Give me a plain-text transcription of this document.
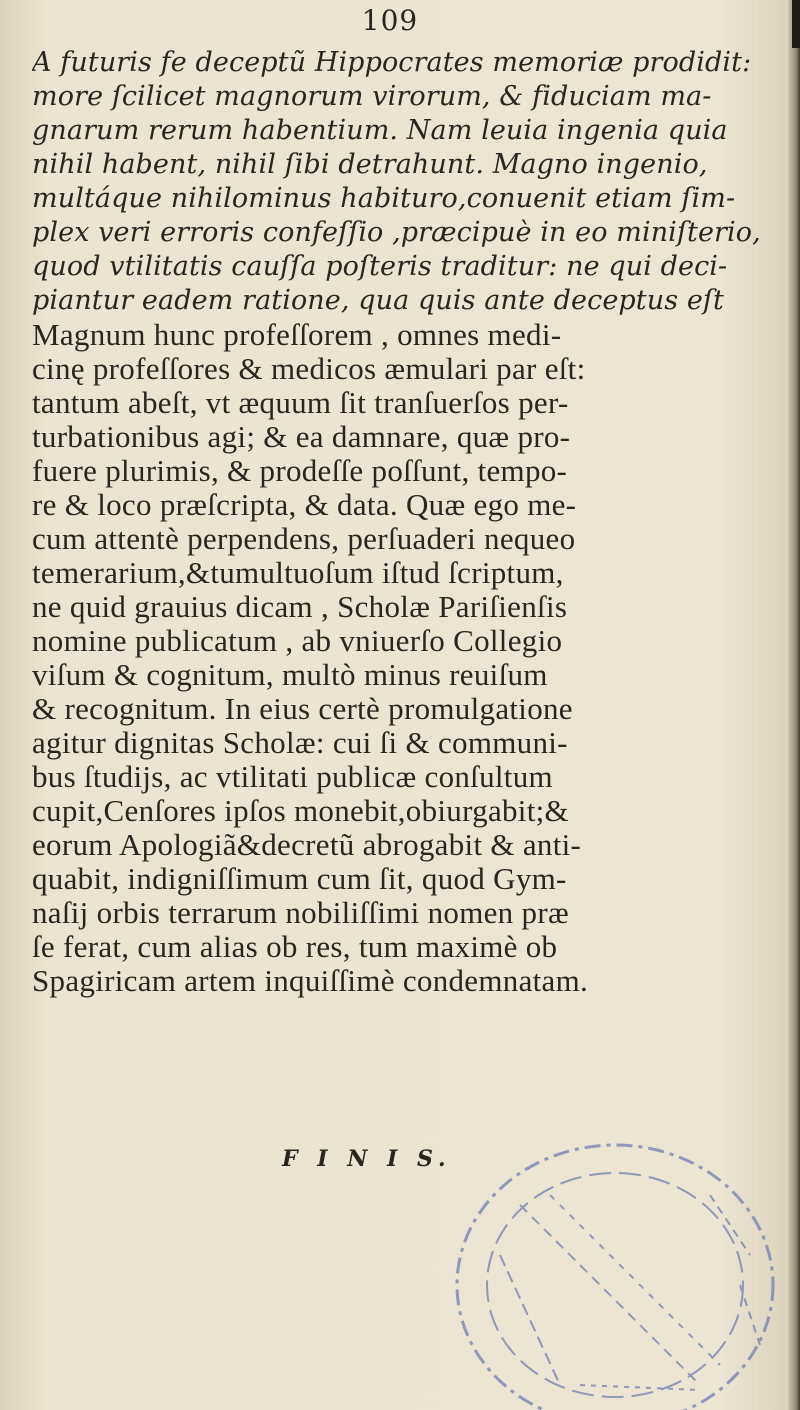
109
A futuris fe deceptũ Hippocrates memoriæ prodidit:
more ſcilicet magnorum virorum, & fiduciam ma-
gnarum rerum habentium. Nam leuia ingenia quia
nihil habent, nihil ſibi detrahunt. Magno ingenio,
multáque nihilominus habituro,conuenit etiam ſim-
plex veri erroris confeſſio ,præcipuè in eo miniſterio,
quod vtilitatis cauſſa poſteris traditur: ne qui deci-
piantur eadem ratione, qua quis ante deceptus eſt
Magnum hunc profeſſorem , omnes medi-
cinę profeſſores & medicos æmulari par eſt:
tantum abeſt, vt æquum ſit tranſuerſos per-
turbationibus agi; & ea damnare, quæ pro-
fuere plurimis, & prodeſſe poſſunt, tempo-
re & loco præſcripta, & data. Quæ ego me-
cum attentè perpendens, perſuaderi nequeo
temerarium,&tumultuoſum iſtud ſcriptum,
ne quid grauius dicam , Scholæ Pariſienſis
nomine publicatum , ab vniuerſo Collegio
viſum & cognitum, multò minus reuiſum
& recognitum. In eius certè promulgatione
agitur dignitas Scholæ: cui ſi & communi-
bus ſtudijs, ac vtilitati publicæ conſultum
cupit,Cenſores ipſos monebit,obiurgabit;&
eorum Apologiã&decretũ abrogabit & anti-
quabit, indigniſſimum cum ſit, quod Gym-
naſij orbis terrarum nobiliſſimi nomen præ
ſe ferat, cum alias ob res, tum maximè ob
Spagiricam artem inquiſſimè condemnatam.
F I N I S.
